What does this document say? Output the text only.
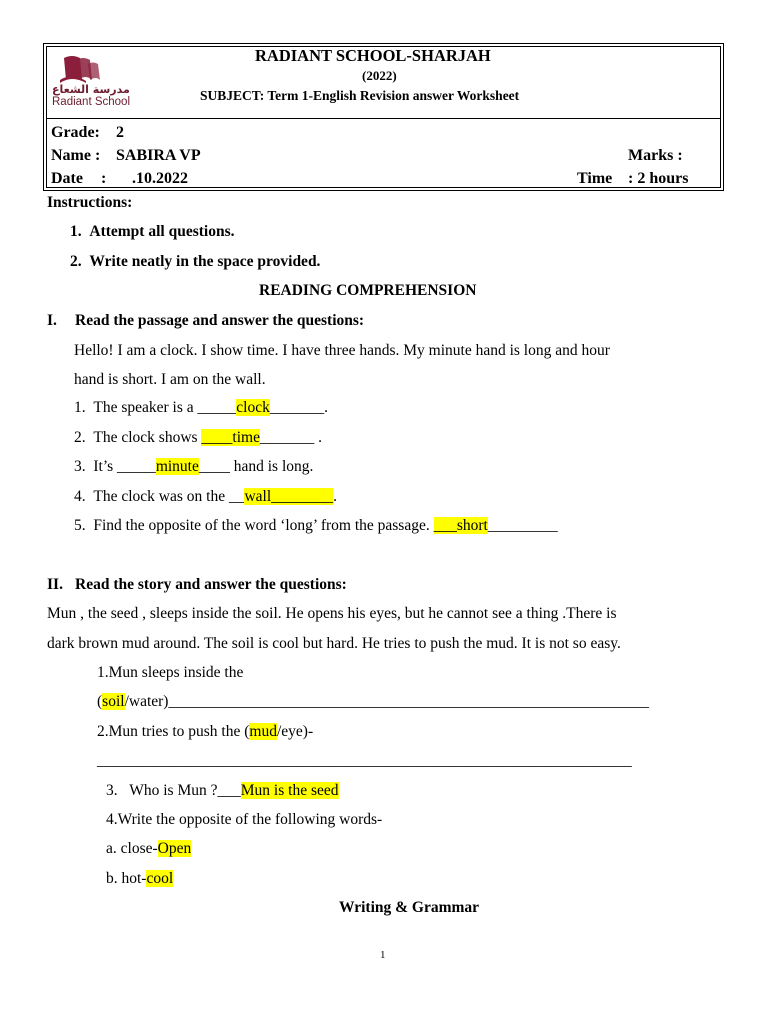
مدرسة الشعاع
Radiant School
RADIANT SCHOOL-SHARJAH
(2022)
SUBJECT: Term 1-English Revision answer Worksheet
Grade: 2
Name : SABIRA VP	Marks :
Date : .10.2022	Time : 2 hours
Instructions:
1. Attempt all questions.
2. Write neatly in the space provided.
READING COMPREHENSION
I. Read the passage and answer the questions:
Hello! I am a clock. I show time. I have three hands. My minute hand is long and hour
hand is short. I am on the wall.
1. The speaker is a _____clock_______.
2. The clock shows ____time_______ .
3. It’s _____minute____ hand is long.
4. The clock was on the __wall________.
5. Find the opposite of the word ‘long’ from the passage. ___short_________
II. Read the story and answer the questions:
Mun , the seed , sleeps inside the soil. He opens his eyes, but he cannot see a thing .There is
dark brown mud around. The soil is cool but hard. He tries to push the mud. It is not so easy.
1.Mun sleeps inside the
(soil/water)______________________________________________________________
2.Mun tries to push the (mud/eye)-
_____________________________________________________________________
3. Who is Mun ?___Mun is the seed
4.Write the opposite of the following words-
a. close-Open
b. hot-cool
Writing & Grammar
1
